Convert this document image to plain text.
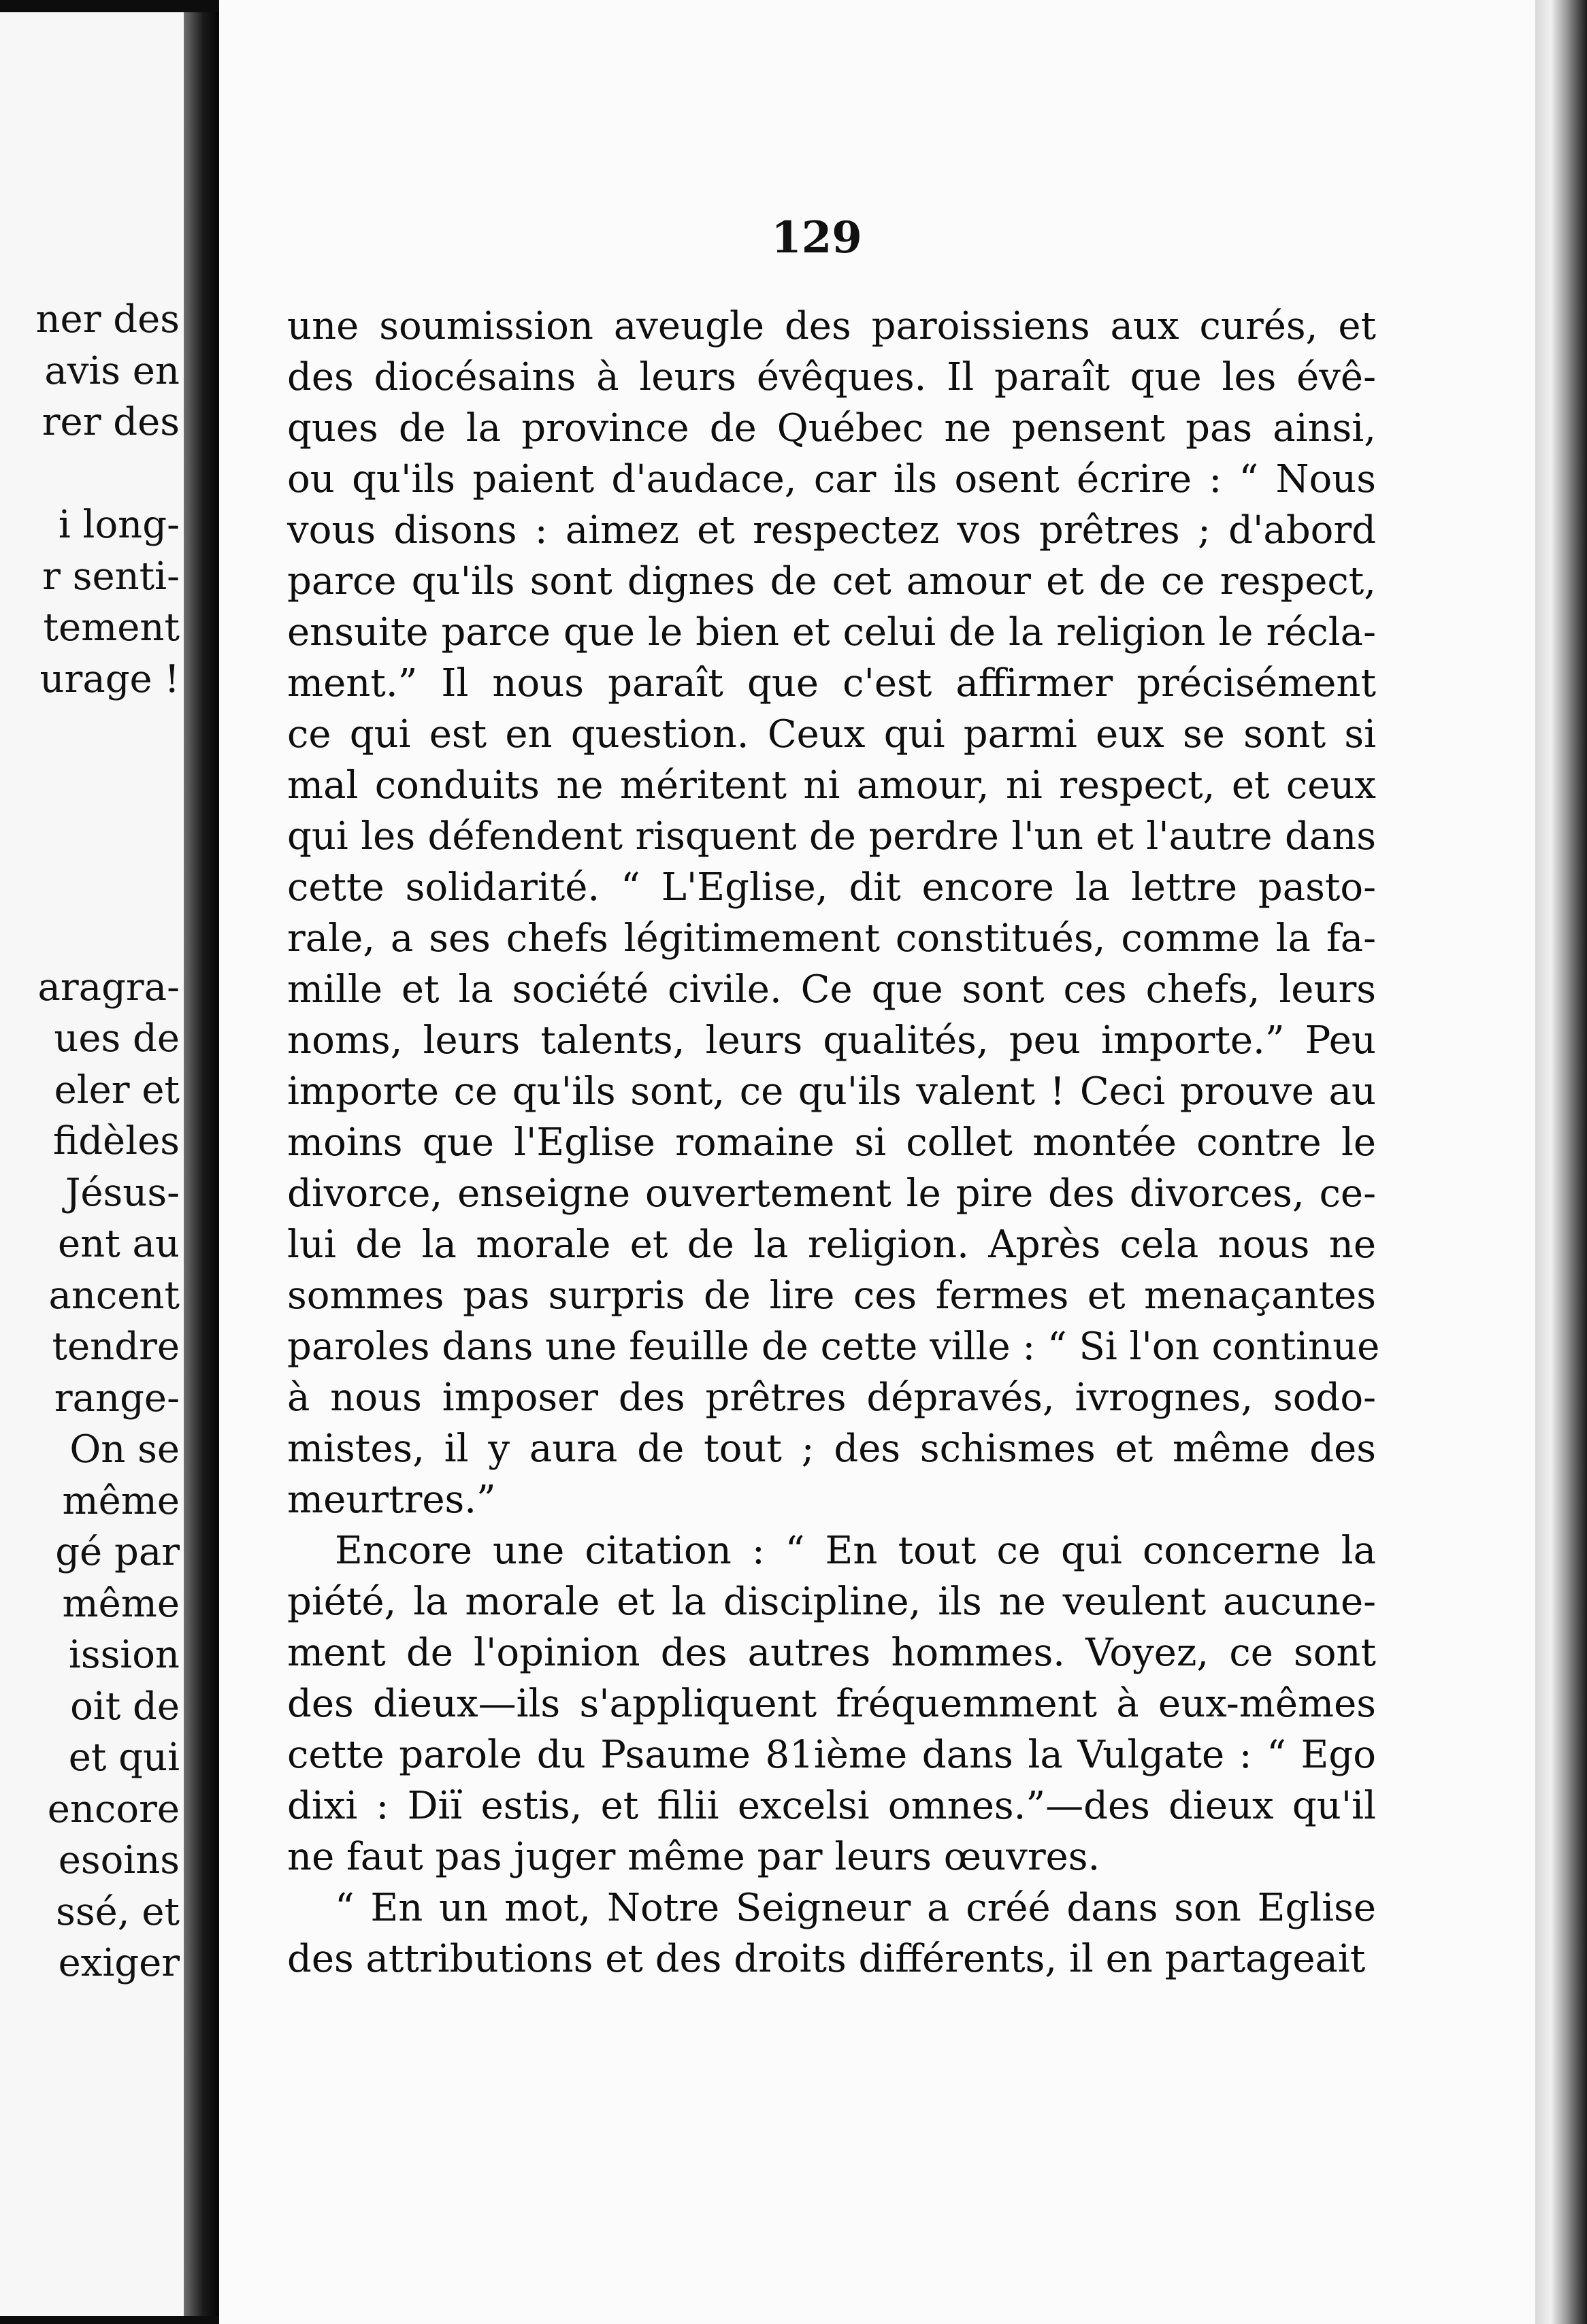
ner des
avis en
rer des
i long-
r senti-
tement
urage !
aragra-
ues de
eler et
fidèles
Jésus-
ent au
ancent
tendre
range-
On se
même
gé par
même
ission
oit de
et qui
encore
esoins
ssé, et
exiger
129
une soumission aveugle des paroissiens aux curés, et
des diocésains à leurs évêques. Il paraît que les évê-
ques de la province de Québec ne pensent pas ainsi,
ou qu'ils paient d'audace, car ils osent écrire : “ Nous
vous disons : aimez et respectez vos prêtres ; d'abord
parce qu'ils sont dignes de cet amour et de ce respect,
ensuite parce que le bien et celui de la religion le récla-
ment.” Il nous paraît que c'est affirmer précisément
ce qui est en question. Ceux qui parmi eux se sont si
mal conduits ne méritent ni amour, ni respect, et ceux
qui les défendent risquent de perdre l'un et l'autre dans
cette solidarité. “ L'Eglise, dit encore la lettre pasto-
rale, a ses chefs légitimement constitués, comme la fa-
mille et la société civile. Ce que sont ces chefs, leurs
noms, leurs talents, leurs qualités, peu importe.” Peu
importe ce qu'ils sont, ce qu'ils valent ! Ceci prouve au
moins que l'Eglise romaine si collet montée contre le
divorce, enseigne ouvertement le pire des divorces, ce-
lui de la morale et de la religion. Après cela nous ne
sommes pas surpris de lire ces fermes et menaçantes
paroles dans une feuille de cette ville : “ Si l'on continue
à nous imposer des prêtres dépravés, ivrognes, sodo-
mistes, il y aura de tout ; des schismes et même des
meurtres.”
Encore une citation : “ En tout ce qui concerne la
piété, la morale et la discipline, ils ne veulent aucune-
ment de l'opinion des autres hommes. Voyez, ce sont
des dieux—ils s'appliquent fréquemment à eux-mêmes
cette parole du Psaume 81ième dans la Vulgate : “ Ego
dixi : Diï estis, et filii excelsi omnes.”—des dieux qu'il
ne faut pas juger même par leurs œuvres.
“ En un mot, Notre Seigneur a créé dans son Eglise
des attributions et des droits différents, il en partageait
